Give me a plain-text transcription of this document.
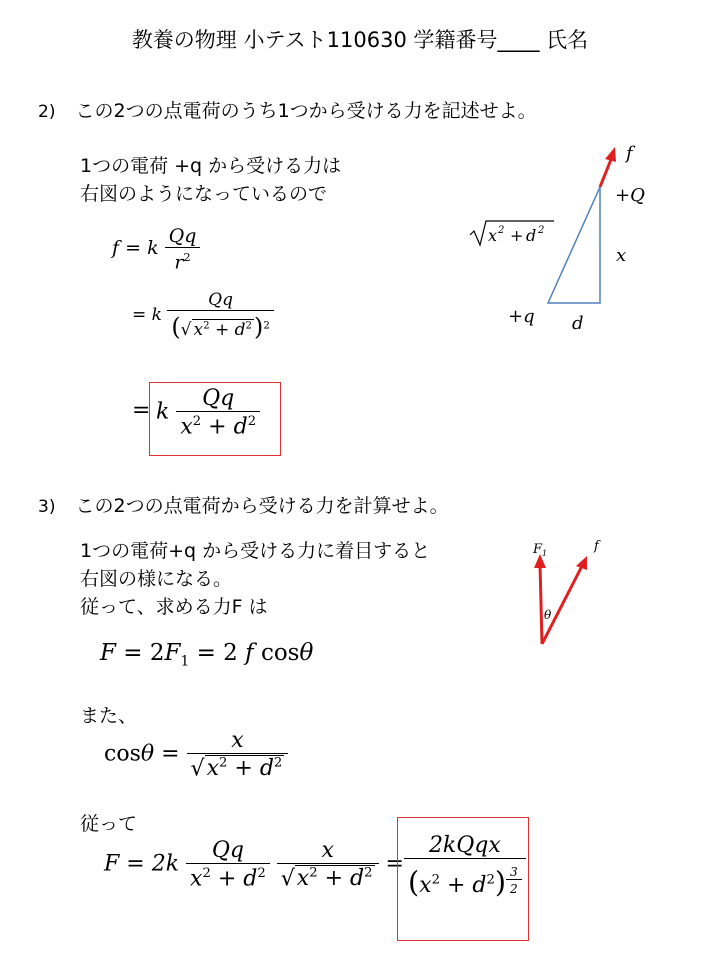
教養の物理 小テスト110630 学籍番号____ 氏名
2) この2つの点電荷のうち1つから受ける力を記述せよ。
1つの電荷 +q から受ける力は
右図のようになっているので
f = k $\frac{Qq}{r^2}$
= k $\frac{Qq}{(√ x^2 + d^2)^2}$
= k $\frac{Qq}{x^2 + d^2}$
f
+Q
x
+q d
x 2 + d 2
3) この2つの点電荷から受ける力を計算せよ。
1つの電荷+q から受ける力に着目すると
右図の様になる。
従って、求める力F は
$F = 2F_1 = 2$ f cosθ
F 1	f
θ
また、
$\cos\theta = \frac{x}{√x^2 + d^2}$
従って
$F = 2k \frac{Qq}{x^2 + d^2}$
$\frac{x}{√x^2 + d^2} = \frac{\text{2kQqx}}{(x^2 + d^2) \frac{3}{2}}$
